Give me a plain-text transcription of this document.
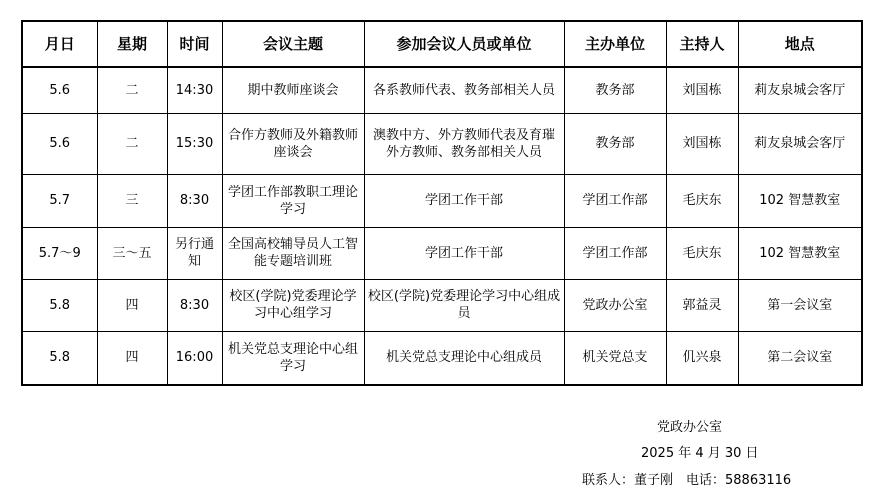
月日	星期	时间	会议主题	参加会议人员或单位	主办单位	主持人	地点
5.6	二	14:30	期中教师座谈会	各系教师代表、教务部相关人员	教务部	刘国栋	莉友泉城会客厅
5.6	二	15:30	合作方教师及外籍教师座谈会	澳教中方、外方教师代表及育璀外方教师、教务部相关人员	教务部	刘国栋	莉友泉城会客厅
5.7	三	8:30	学团工作部教职工理论学习	学团工作干部	学团工作部	毛庆东	102 智慧教室
5.7～9	三～五	另行通知	全国高校辅导员人工智能专题培训班	学团工作干部	学团工作部	毛庆东	102 智慧教室
5.8	四	8:30	校区(学院)党委理论学习中心组学习	校区(学院)党委理论学习中心组成员	党政办公室	郭益灵	第一会议室
5.8	四	16:00	机关党总支理论中心组学习	机关党总支理论中心组成员	机关党总支	仉兴泉	第二会议室
党政办公室
2025 年 4 月 30 日
联系人：董子刚　电话：58863116
